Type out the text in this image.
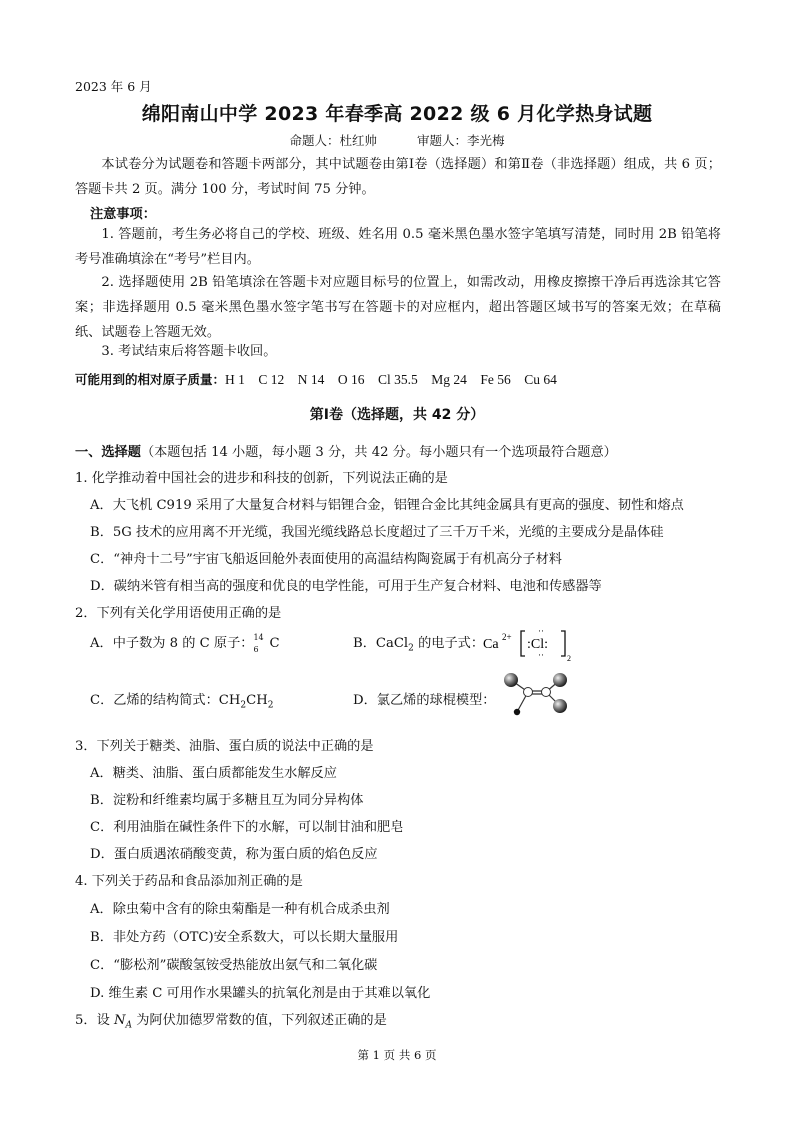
2023 年 6 月
绵阳南山中学 2023 年春季高 2022 级 6 月化学热身试题
命题人：杜红帅	审题人：李光梅
本试卷分为试题卷和答题卡两部分，其中试题卷由第Ⅰ卷（选择题）和第Ⅱ卷（非选择题）组成，共 6 页；答题卡共 2 页。满分 100 分，考试时间 75 分钟。
注意事项：
1. 答题前，考生务必将自己的学校、班级、姓名用 0.5 毫米黑色墨水签字笔填写清楚，同时用 2B 铅笔将考号准确填涂在“考号”栏目内。
2. 选择题使用 2B 铅笔填涂在答题卡对应题目标号的位置上，如需改动，用橡皮擦擦干净后再选涂其它答案；非选择题用 0.5 毫米黑色墨水签字笔书写在答题卡的对应框内，超出答题区域书写的答案无效；在草稿纸、试题卷上答题无效。
3. 考试结束后将答题卡收回。
可能用到的相对原子质量：H 1　C 12　N 14　O 16　Cl 35.5　Mg 24　Fe 56　Cu 64
第Ⅰ卷（选择题，共 42 分）
一、选择题（本题包括 14 小题，每小题 3 分，共 42 分。每小题只有一个选项最符合题意）
1. 化学推动着中国社会的进步和科技的创新，下列说法正确的是
A．大飞机 C919 采用了大量复合材料与铝锂合金，铝锂合金比其纯金属具有更高的强度、韧性和熔点
B．5G 技术的应用离不开光缆，我国光缆线路总长度超过了三千万千米，光缆的主要成分是晶体硅
C．“神舟十二号”宇宙飞船返回舱外表面使用的高温结构陶瓷属于有机高分子材料
D．碳纳米管有相当高的强度和优良的电学性能，可用于生产复合材料、电池和传感器等
2．下列有关化学用语使用正确的是
A．中子数为 8 的 C 原子： 14
6 C	B．CaCl$_2$ 的电子式：
Ca 2+ :Cl:
··
··	2
C．乙烯的结构简式：$CH_2CH_2$	D．氯乙烯的球棍模型：
3．下列关于糖类、油脂、蛋白质的说法中正确的是
A．糖类、油脂、蛋白质都能发生水解反应
B．淀粉和纤维素均属于多糖且互为同分异构体
C．利用油脂在碱性条件下的水解，可以制甘油和肥皂
D．蛋白质遇浓硝酸变黄，称为蛋白质的焰色反应
4. 下列关于药品和食品添加剂正确的是
A．除虫菊中含有的除虫菊酯是一种有机合成杀虫剂
B．非处方药（OTC)安全系数大，可以长期大量服用
C．“膨松剂”碳酸氢铵受热能放出氨气和二氧化碳
D. 维生素 C 可用作水果罐头的抗氧化剂是由于其难以氧化
5．设 $N_A$ 为阿伏加德罗常数的值，下列叙述正确的是
第 1 页 共 6 页
